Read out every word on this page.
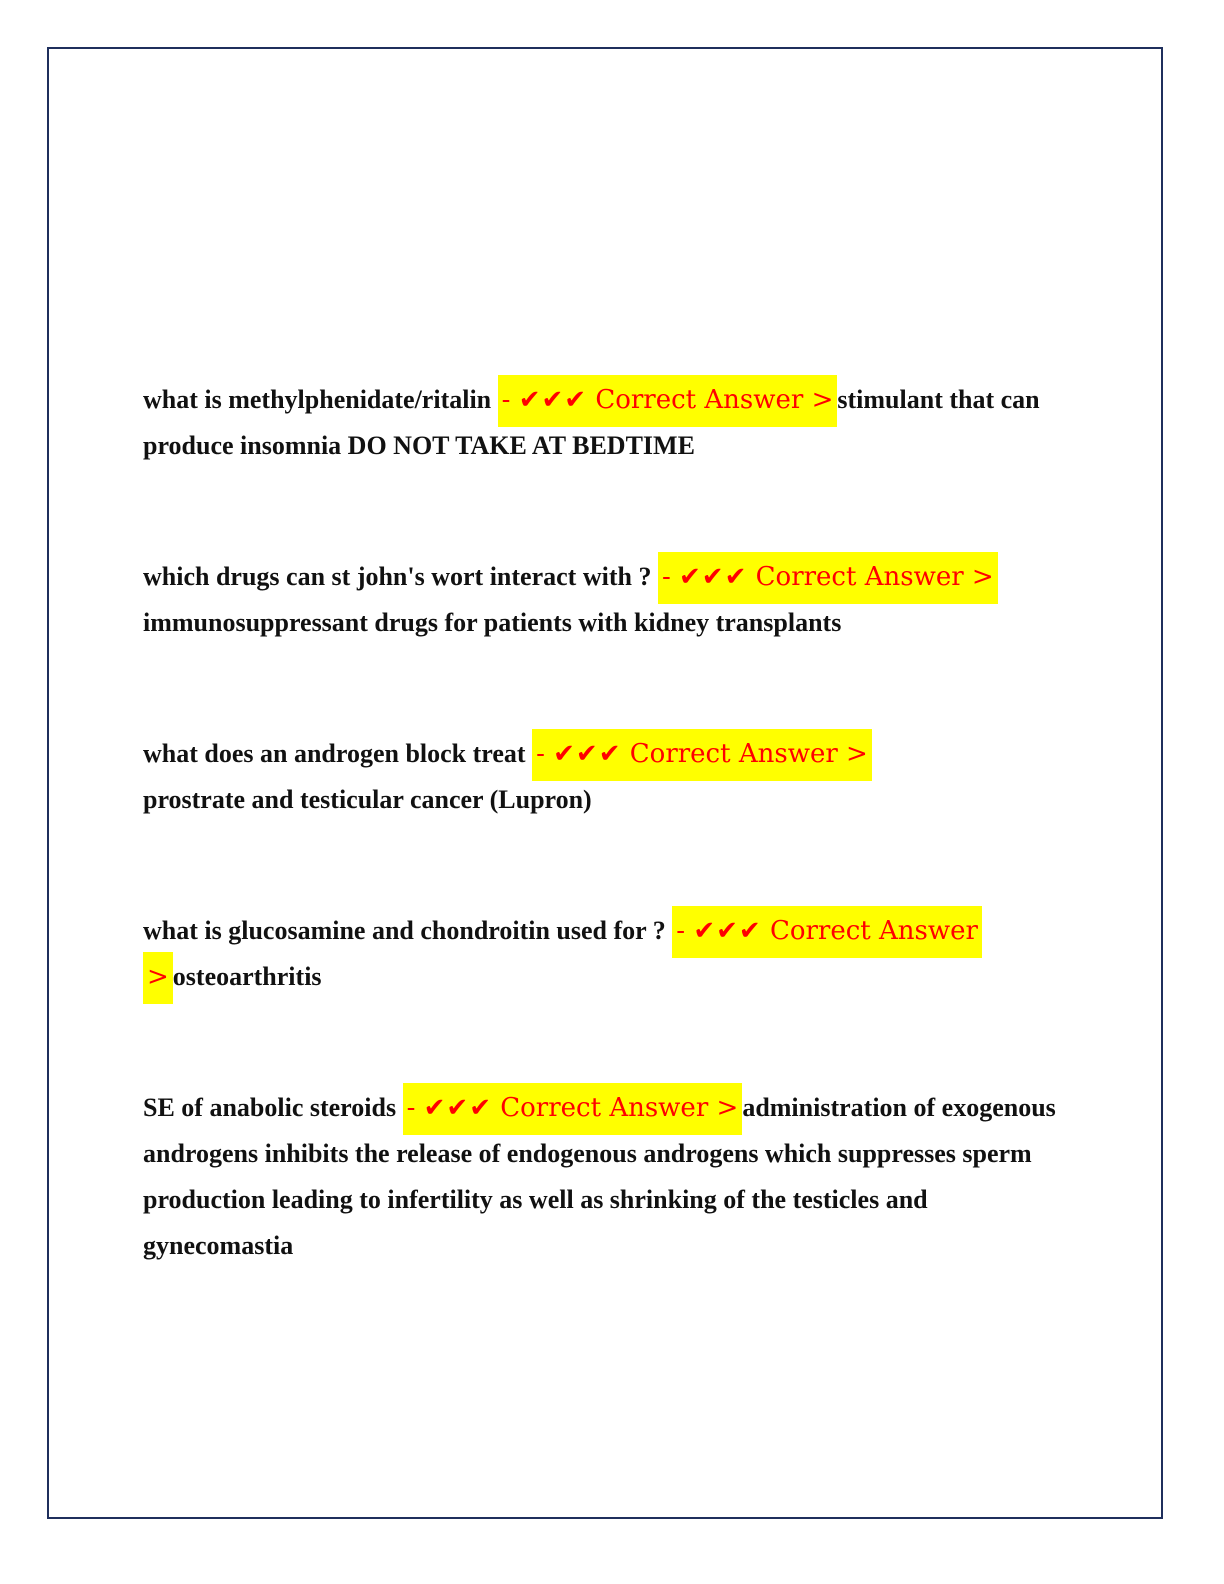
what is methylphenidate/ritalin - ✔✔✔ Correct Answer > stimulant that can produce insomnia DO NOT TAKE AT BEDTIME

which drugs can st john's wort interact with ? - ✔✔✔ Correct Answer > immunosuppressant drugs for patients with kidney transplants

what does an androgen block treat - ✔✔✔ Correct Answer >
prostrate and testicular cancer (Lupron)

what is glucosamine and chondroitin used for ? - ✔✔✔ Correct Answer > osteoarthritis

SE of anabolic steroids - ✔✔✔ Correct Answer > administration of exogenous androgens inhibits the release of endogenous androgens which suppresses sperm production leading to infertility as well as shrinking of the testicles and gynecomastia
